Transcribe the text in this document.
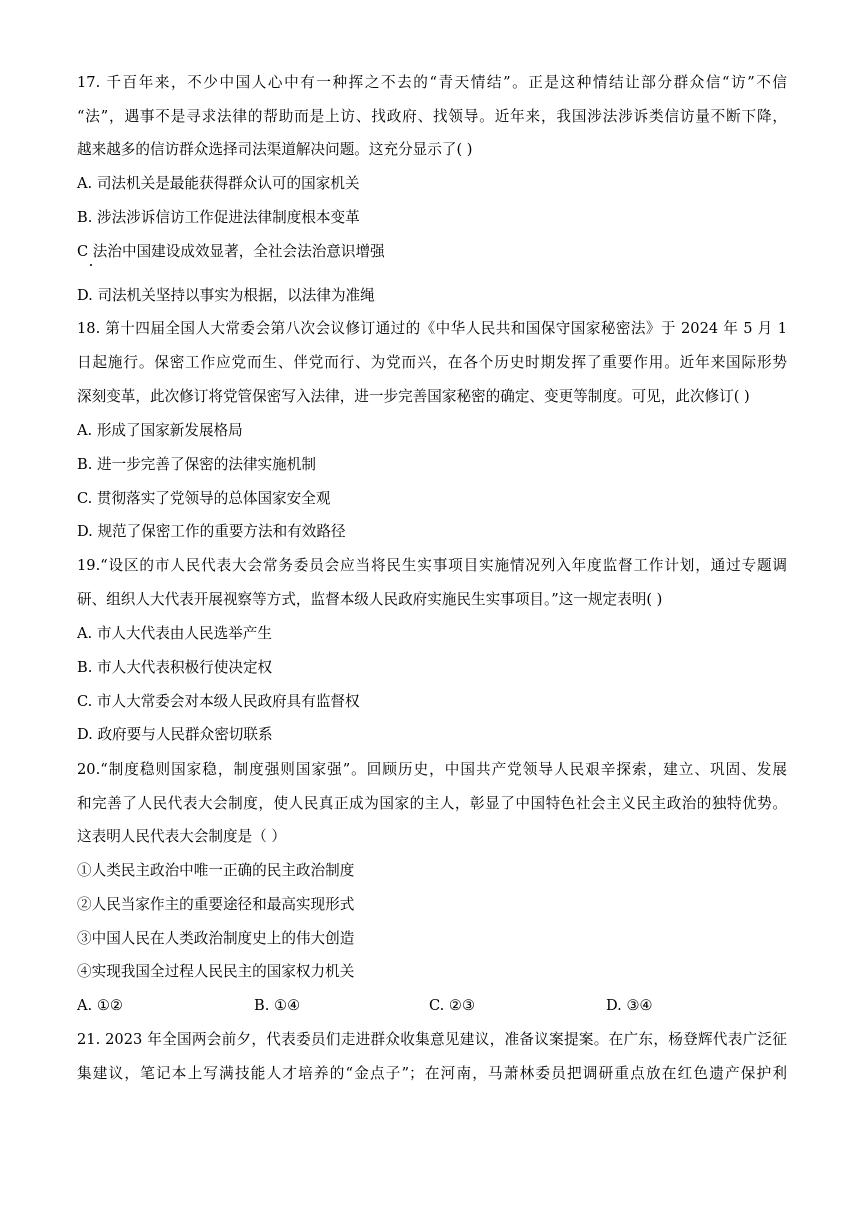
17. 千百年来，不少中国人心中有一种挥之不去的“青天情结”。正是这种情结让部分群众信“访”不信
“法”，遇事不是寻求法律的帮助而是上访、找政府、找领导。近年来，我国涉法涉诉类信访量不断下降，
越来越多的信访群众选择司法渠道解决问题。这充分显示了( )
A. 司法机关是最能获得群众认可的国家机关
B. 涉法涉诉信访工作促进法律制度根本变革
C 法治中国建设成效显著，全社会法治意识增强
D. 司法机关坚持以事实为根据，以法律为准绳
18. 第十四届全国人大常委会第八次会议修订通过的《中华人民共和国保守国家秘密法》于 2024 年 5 月 1
日起施行。保密工作应党而生、伴党而行、为党而兴，在各个历史时期发挥了重要作用。近年来国际形势
深刻变革，此次修订将党管保密写入法律，进一步完善国家秘密的确定、变更等制度。可见，此次修订( )
A. 形成了国家新发展格局
B. 进一步完善了保密的法律实施机制
C. 贯彻落实了党领导的总体国家安全观
D. 规范了保密工作的重要方法和有效路径
19.“设区的市人民代表大会常务委员会应当将民生实事项目实施情况列入年度监督工作计划，通过专题调
研、组织人大代表开展视察等方式，监督本级人民政府实施民生实事项目。”这一规定表明( )
A. 市人大代表由人民选举产生
B. 市人大代表积极行使决定权
C. 市人大常委会对本级人民政府具有监督权
D. 政府要与人民群众密切联系
20.“制度稳则国家稳，制度强则国家强”。回顾历史，中国共产党领导人民艰辛探索，建立、巩固、发展
和完善了人民代表大会制度，使人民真正成为国家的主人，彰显了中国特色社会主义民主政治的独特优势。
这表明人民代表大会制度是（ ）
①人类民主政治中唯一正确的民主政治制度
②人民当家作主的重要途径和最高实现形式
③中国人民在人类政治制度史上的伟大创造
④实现我国全过程人民民主的国家权力机关
A. ①②	B. ①④	C. ②③	D. ③④
21. 2023 年全国两会前夕，代表委员们走进群众收集意见建议，准备议案提案。在广东，杨登辉代表广泛征
集建议，笔记本上写满技能人才培养的“金点子”；在河南，马萧林委员把调研重点放在红色遗产保护利
